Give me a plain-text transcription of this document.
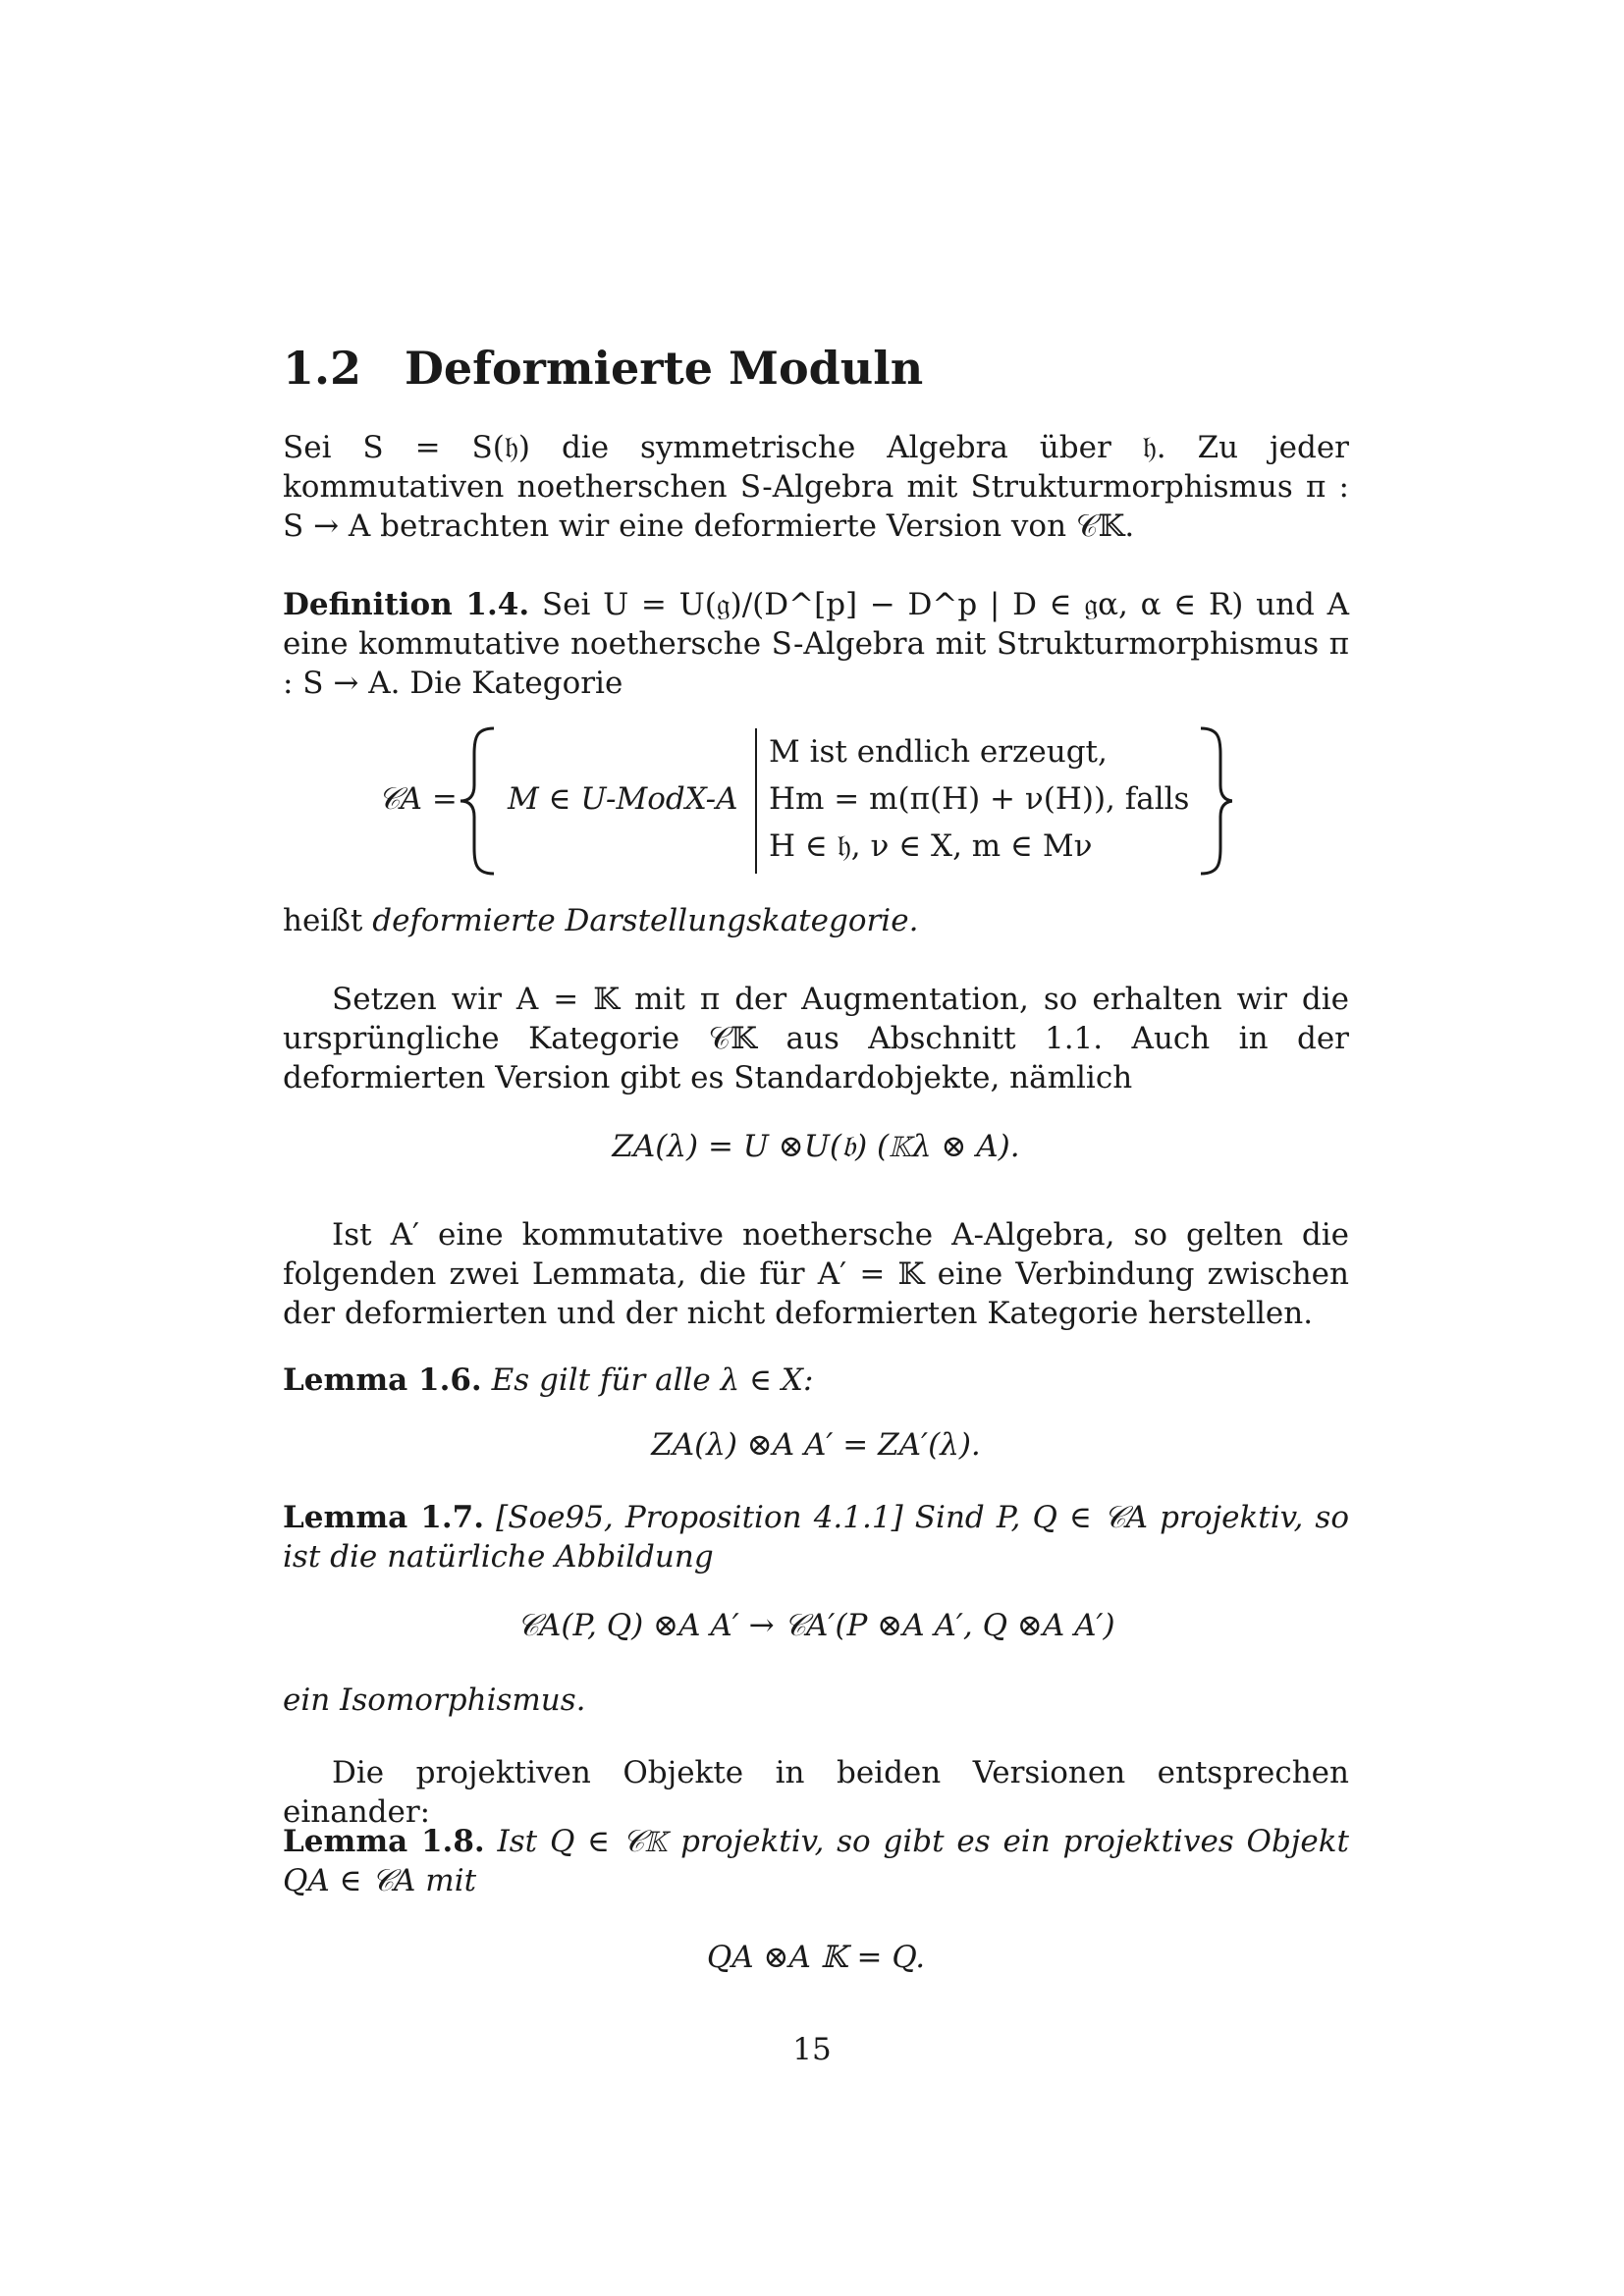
1.2 Deformierte Moduln

Sei S = S(𝔥) die symmetrische Algebra über 𝔥. Zu jeder kommutativen noetherschen S-Algebra mit Strukturmorphismus π : S → A betrachten wir eine deformierte Version von 𝒞𝕂.

Definition 1.4. Sei U = U(𝔤)/(D^[p] − D^p | D ∈ 𝔤α, α ∈ R) und A eine kommutative noethersche S-Algebra mit Strukturmorphismus π : S → A. Die Kategorie

𝒞A = M ∈ U-ModX-A
M ist endlich erzeugt,
Hm = m(π(H) + ν(H)), falls
H ∈ 𝔥, ν ∈ X, m ∈ Mν

heißt deformierte Darstellungskategorie.

Setzen wir A = 𝕂 mit π der Augmentation, so erhalten wir die ursprüngliche Kategorie 𝒞𝕂 aus Abschnitt 1.1. Auch in der deformierten Version gibt es Standardobjekte, nämlich

ZA(λ) = U ⊗U(𝔟) (𝕂λ ⊗ A).

Ist A′ eine kommutative noethersche A-Algebra, so gelten die folgenden zwei Lemmata, die für A′ = 𝕂 eine Verbindung zwischen der deformierten und der nicht deformierten Kategorie herstellen.

Lemma 1.6. Es gilt für alle λ ∈ X:

ZA(λ) ⊗A A′ = ZA′(λ).

Lemma 1.7. [Soe95, Proposition 4.1.1] Sind P, Q ∈ 𝒞A projektiv, so ist die natürliche Abbildung

𝒞A(P, Q) ⊗A A′ → 𝒞A′(P ⊗A A′, Q ⊗A A′)
ein Isomorphismus.

Die projektiven Objekte in beiden Versionen entsprechen einander:

Lemma 1.8. Ist Q ∈ 𝒞𝕂 projektiv, so gibt es ein projektives Objekt QA ∈ 𝒞A mit

QA ⊗A 𝕂 = Q.
15
